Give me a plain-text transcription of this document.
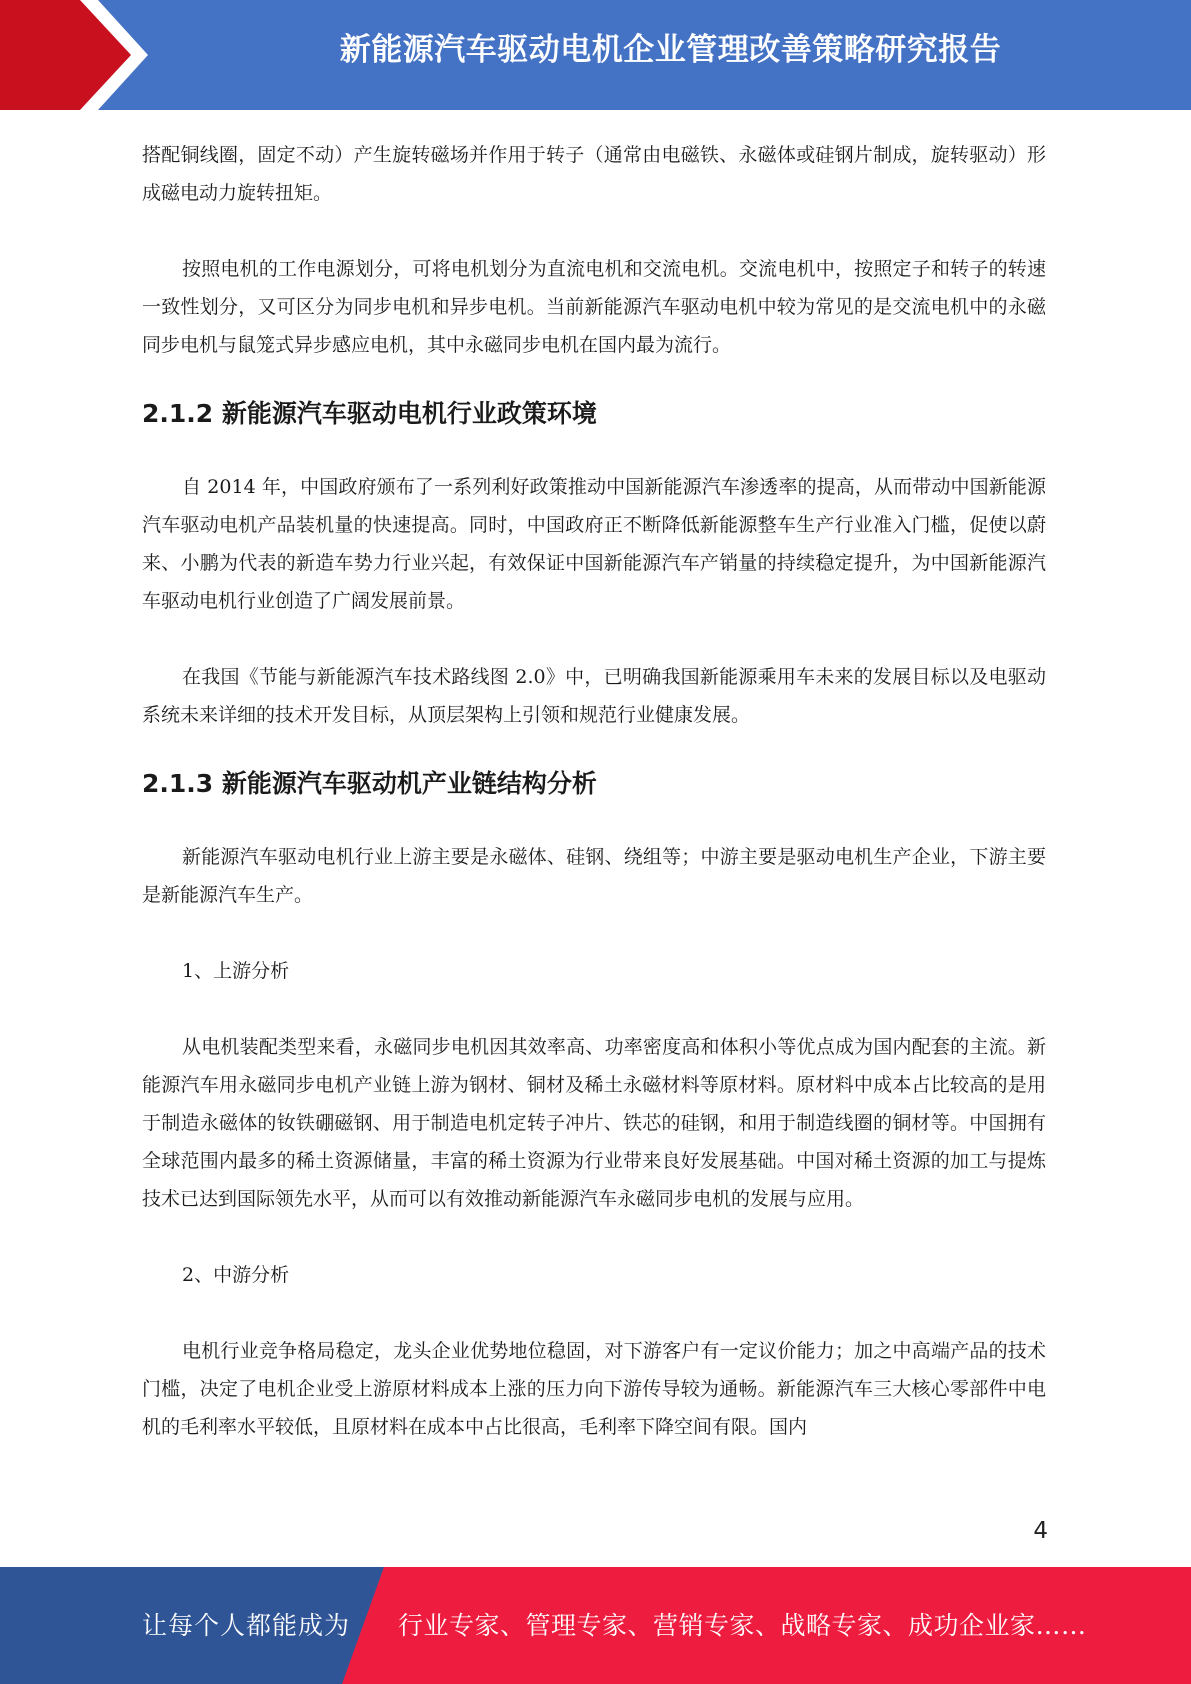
新能源汽车驱动电机企业管理改善策略研究报告

搭配铜线圈，固定不动）产生旋转磁场并作用于转子（通常由电磁铁、永磁体或硅钢片制成，旋转驱动）形成磁电动力旋转扭矩。

按照电机的工作电源划分，可将电机划分为直流电机和交流电机。交流电机中，按照定子和转子的转速一致性划分，又可区分为同步电机和异步电机。当前新能源汽车驱动电机中较为常见的是交流电机中的永磁同步电机与鼠笼式异步感应电机，其中永磁同步电机在国内最为流行。

2.1.2 新能源汽车驱动电机行业政策环境

自 2014 年，中国政府颁布了一系列利好政策推动中国新能源汽车渗透率的提高，从而带动中国新能源汽车驱动电机产品装机量的快速提高。同时，中国政府正不断降低新能源整车生产行业准入门槛，促使以蔚来、小鹏为代表的新造车势力行业兴起，有效保证中国新能源汽车产销量的持续稳定提升，为中国新能源汽车驱动电机行业创造了广阔发展前景。

在我国《节能与新能源汽车技术路线图 2.0》中，已明确我国新能源乘用车未来的发展目标以及电驱动系统未来详细的技术开发目标，从顶层架构上引领和规范行业健康发展。

2.1.3 新能源汽车驱动机产业链结构分析

新能源汽车驱动电机行业上游主要是永磁体、硅钢、绕组等；中游主要是驱动电机生产企业，下游主要是新能源汽车生产。

1、上游分析

从电机装配类型来看，永磁同步电机因其效率高、功率密度高和体积小等优点成为国内配套的主流。新能源汽车用永磁同步电机产业链上游为钢材、铜材及稀土永磁材料等原材料。原材料中成本占比较高的是用于制造永磁体的钕铁硼磁钢、用于制造电机定转子冲片、铁芯的硅钢，和用于制造线圈的铜材等。中国拥有全球范围内最多的稀土资源储量，丰富的稀土资源为行业带来良好发展基础。中国对稀土资源的加工与提炼技术已达到国际领先水平，从而可以有效推动新能源汽车永磁同步电机的发展与应用。

2、中游分析

电机行业竞争格局稳定，龙头企业优势地位稳固，对下游客户有一定议价能力；加之中高端产品的技术门槛，决定了电机企业受上游原材料成本上涨的压力向下游传导较为通畅。新能源汽车三大核心零部件中电机的毛利率水平较低，且原材料在成本中占比很高，毛利率下降空间有限。国内

4
让每个人都能成为 行业专家、管理专家、营销专家、战略专家、成功企业家……
